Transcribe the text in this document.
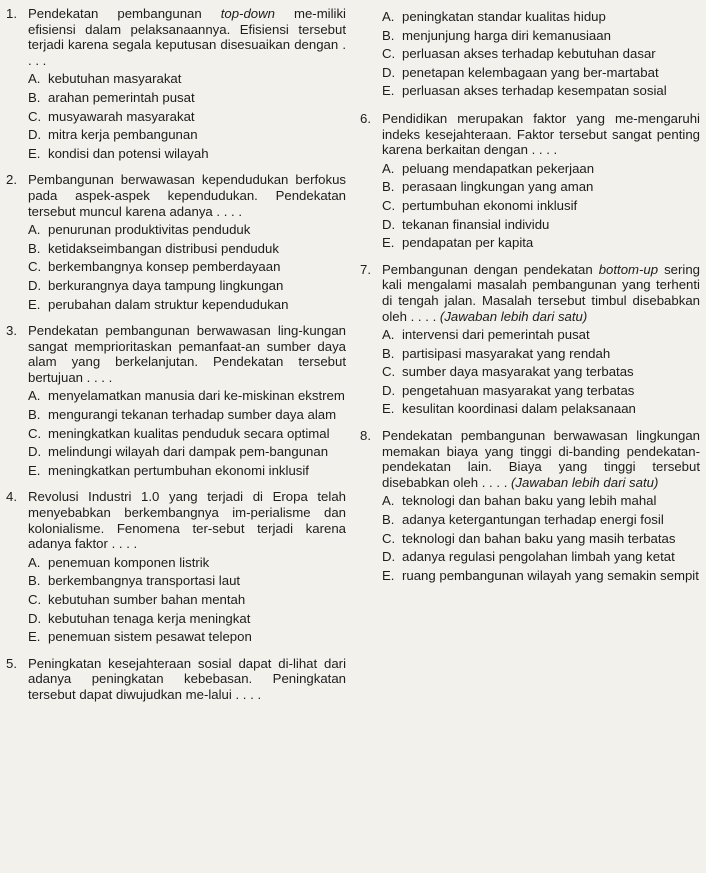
1. Pendekatan pembangunan top-down me-miliki efisiensi dalam pelaksanaannya. Efisiensi tersebut terjadi karena segala keputusan disesuaikan dengan . . . .
A. kebutuhan masyarakat
B. arahan pemerintah pusat
C. musyawarah masyarakat
D. mitra kerja pembangunan
E. kondisi dan potensi wilayah
2. Pembangunan berwawasan kependudukan berfokus pada aspek-aspek kependudukan. Pendekatan tersebut muncul karena adanya . . . .
A. penurunan produktivitas penduduk
B. ketidakseimbangan distribusi penduduk
C. berkembangnya konsep pemberdayaan
D. berkurangnya daya tampung lingkungan
E. perubahan dalam struktur kependudukan
3. Pendekatan pembangunan berwawasan ling-kungan sangat memprioritaskan pemanfaat-an sumber daya alam yang berkelanjutan. Pendekatan tersebut bertujuan . . . .
A. menyelamatkan manusia dari ke-miskinan ekstrem
B. mengurangi tekanan terhadap sumber daya alam
C. meningkatkan kualitas penduduk secara optimal
D. melindungi wilayah dari dampak pem-bangunan
E. meningkatkan pertumbuhan ekonomi inklusif
4. Revolusi Industri 1.0 yang terjadi di Eropa telah menyebabkan berkembangnya im-perialisme dan kolonialisme. Fenomena ter-sebut terjadi karena adanya faktor . . . .
A. penemuan komponen listrik
B. berkembangnya transportasi laut
C. kebutuhan sumber bahan mentah
D. kebutuhan tenaga kerja meningkat
E. penemuan sistem pesawat telepon
5. Peningkatan kesejahteraan sosial dapat di-lihat dari adanya peningkatan kebebasan. Peningkatan tersebut dapat diwujudkan me-lalui . . . .
A. peningkatan standar kualitas hidup
B. menjunjung harga diri kemanusiaan
C. perluasan akses terhadap kebutuhan dasar
D. penetapan kelembagaan yang ber-martabat
E. perluasan akses terhadap kesempatan sosial
6. Pendidikan merupakan faktor yang me-mengaruhi indeks kesejahteraan. Faktor tersebut sangat penting karena berkaitan dengan . . . .
A. peluang mendapatkan pekerjaan
B. perasaan lingkungan yang aman
C. pertumbuhan ekonomi inklusif
D. tekanan finansial individu
E. pendapatan per kapita
7. Pembangunan dengan pendekatan bottom-up sering kali mengalami masalah pembangunan yang terhenti di tengah jalan. Masalah tersebut timbul disebabkan oleh . . . . (Jawaban lebih dari satu)
A. intervensi dari pemerintah pusat
B. partisipasi masyarakat yang rendah
C. sumber daya masyarakat yang terbatas
D. pengetahuan masyarakat yang terbatas
E. kesulitan koordinasi dalam pelaksanaan
8. Pendekatan pembangunan berwawasan lingkungan memakan biaya yang tinggi di-banding pendekatan-pendekatan lain. Biaya yang tinggi tersebut disebabkan oleh . . . . (Jawaban lebih dari satu)
A. teknologi dan bahan baku yang lebih mahal
B. adanya ketergantungan terhadap energi fosil
C. teknologi dan bahan baku yang masih terbatas
D. adanya regulasi pengolahan limbah yang ketat
E. ruang pembangunan wilayah yang semakin sempit
